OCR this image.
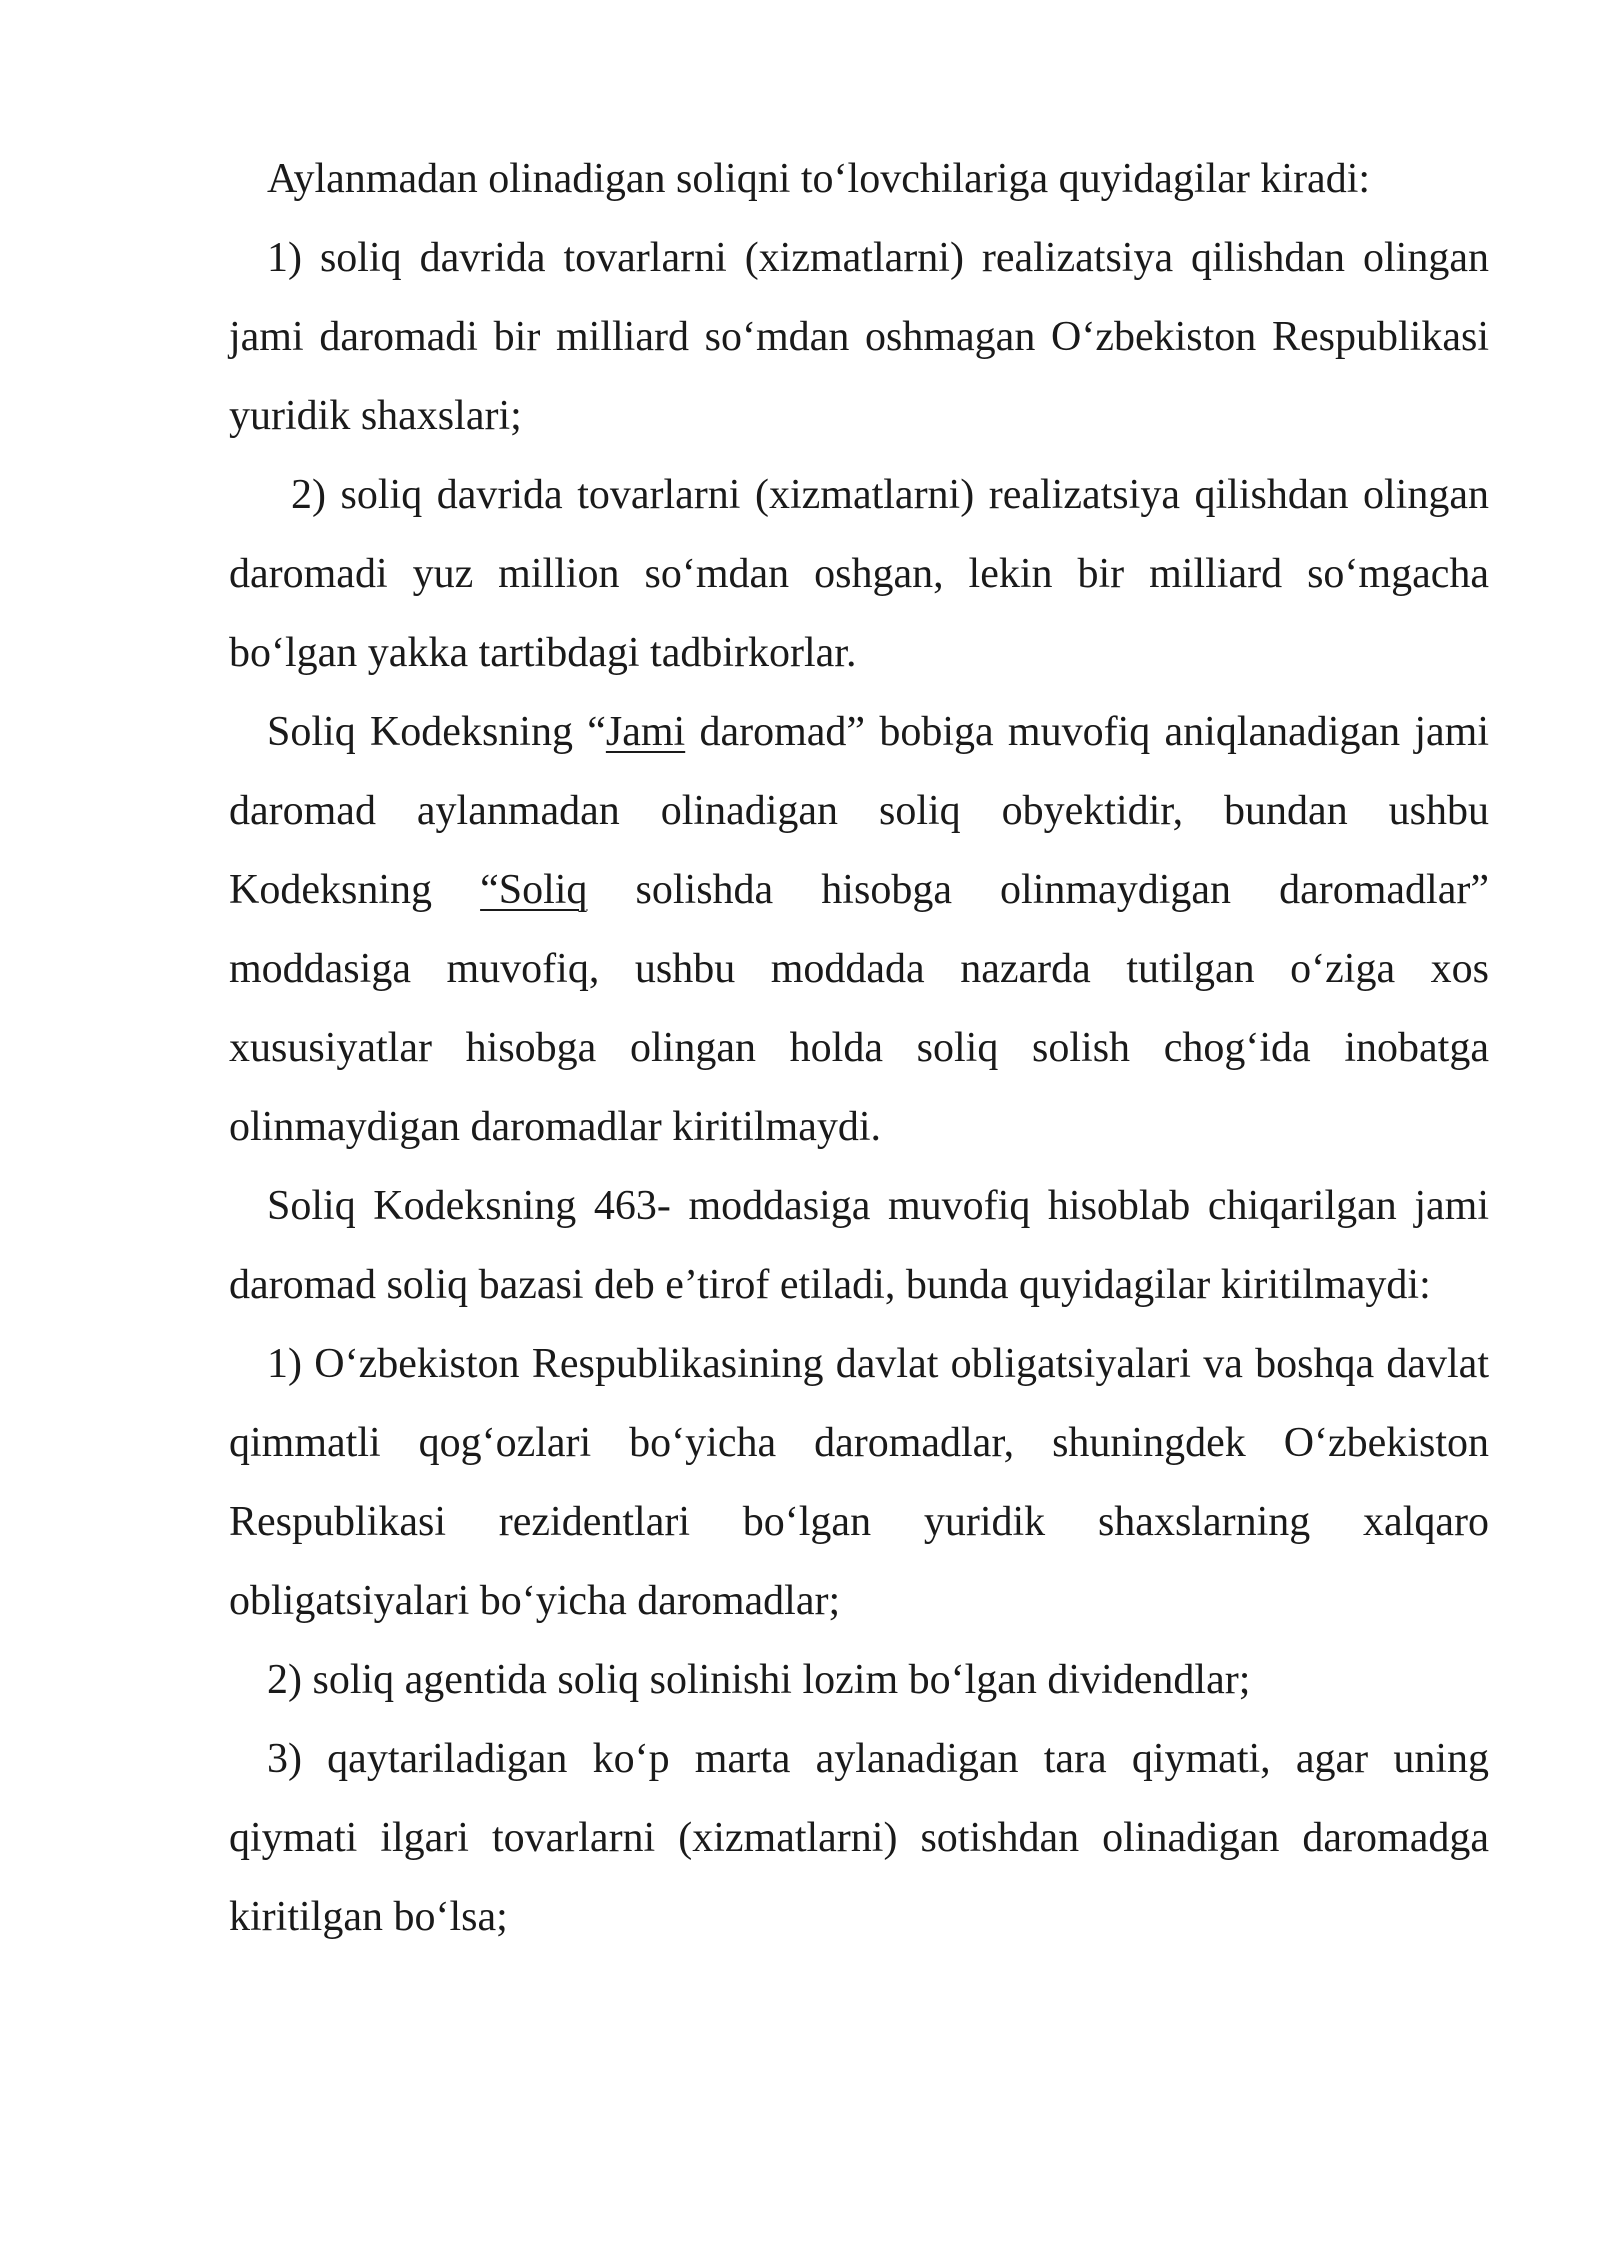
Aylanmadan olinadigan soliqni to‘lovchilariga quyidagilar kiradi:

1) soliq davrida tovarlarni (xizmatlarni) realizatsiya qilishdan olingan jami daromadi bir milliard so‘mdan oshmagan O‘zbekiston Respublikasi yuridik shaxslari;

2) soliq davrida tovarlarni (xizmatlarni) realizatsiya qilishdan olingan daromadi yuz million so‘mdan oshgan, lekin bir milliard so‘mgacha bo‘lgan yakka tartibdagi tadbirkorlar.

Soliq Kodeksning “Jami daromad” bobiga muvofiq aniqlanadigan jami daromad aylanmadan olinadigan soliq obyektidir, bundan ushbu Kodeksning “Soliq solishda hisobga olinmaydigan daromadlar” moddasiga muvofiq, ushbu moddada nazarda tutilgan o‘ziga xos xususiyatlar hisobga olingan holda soliq solish chog‘ida inobatga olinmaydigan daromadlar kiritilmaydi.

Soliq Kodeksning 463- moddasiga muvofiq hisoblab chiqarilgan jami daromad soliq bazasi deb e’tirof etiladi, bunda quyidagilar kiritilmaydi:

1) O‘zbekiston Respublikasining davlat obligatsiyalari va boshqa davlat qimmatli qog‘ozlari bo‘yicha daromadlar, shuningdek O‘zbekiston Respublikasi rezidentlari bo‘lgan yuridik shaxslarning xalqaro obligatsiyalari bo‘yicha daromadlar;

2) soliq agentida soliq solinishi lozim bo‘lgan dividendlar;

3) qaytariladigan ko‘p marta aylanadigan tara qiymati, agar uning qiymati ilgari tovarlarni (xizmatlarni) sotishdan olinadigan daromadga kiritilgan bo‘lsa;
